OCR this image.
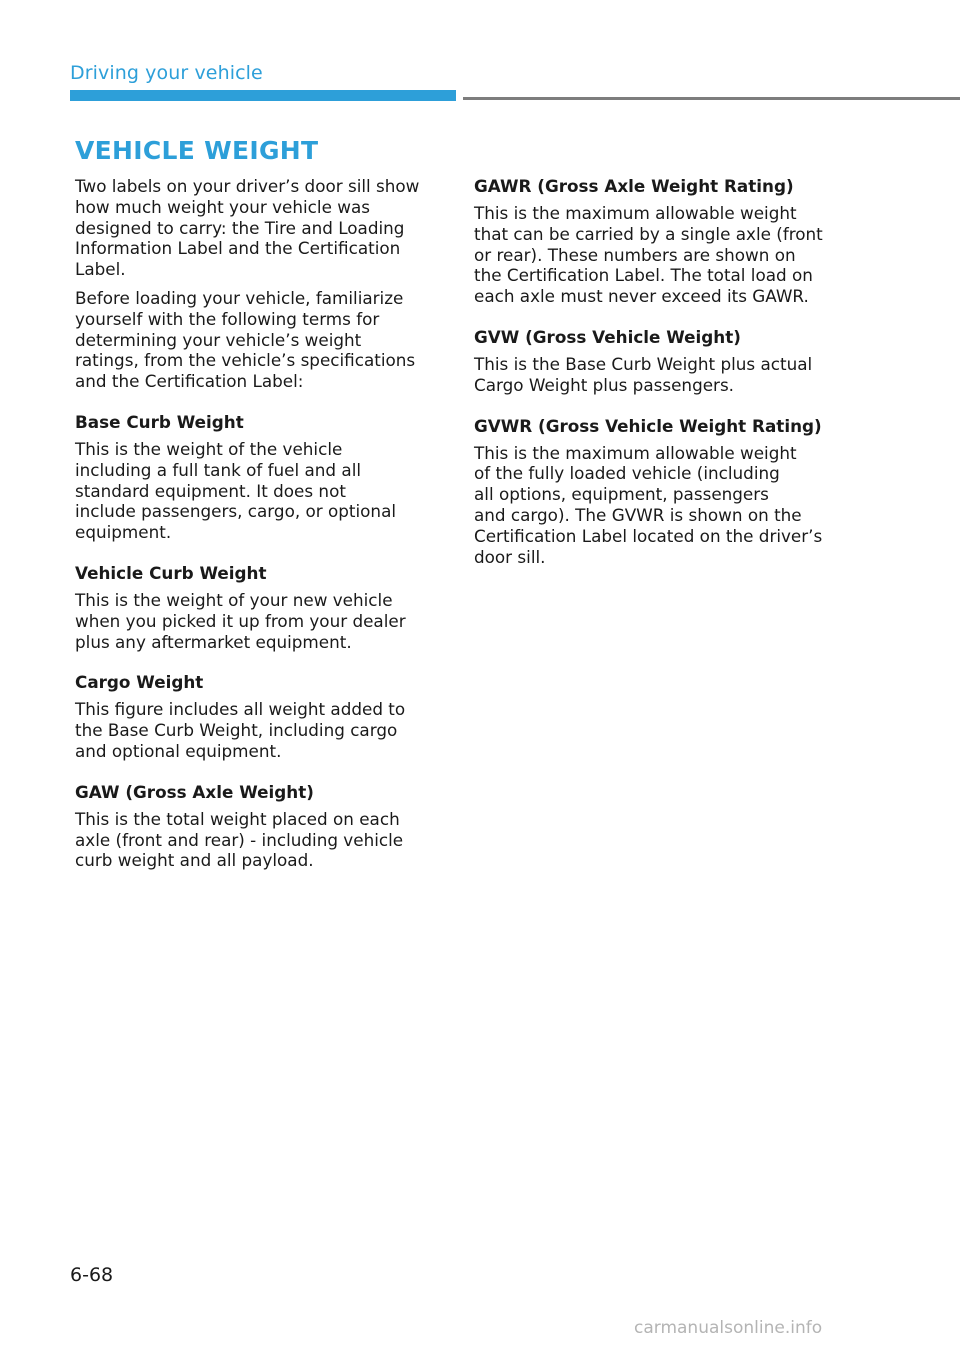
Driving your vehicle
VEHICLE WEIGHT

Two labels on your driver’s door sill show
how much weight your vehicle was
designed to carry: the Tire and Loading
Information Label and the Certification
Label.

Before loading your vehicle, familiarize
yourself with the following terms for
determining your vehicle’s weight
ratings, from the vehicle’s specifications
and the Certification Label:

Base Curb Weight

This is the weight of the vehicle
including a full tank of fuel and all
standard equipment. It does not
include passengers, cargo, or optional
equipment.

Vehicle Curb Weight

This is the weight of your new vehicle
when you picked it up from your dealer
plus any aftermarket equipment.

Cargo Weight

This figure includes all weight added to
the Base Curb Weight, including cargo
and optional equipment.

GAW (Gross Axle Weight)

This is the total weight placed on each
axle (front and rear) - including vehicle
curb weight and all payload.

GAWR (Gross Axle Weight Rating)

This is the maximum allowable weight
that can be carried by a single axle (front
or rear). These numbers are shown on
the Certification Label. The total load on
each axle must never exceed its GAWR.

GVW (Gross Vehicle Weight)

This is the Base Curb Weight plus actual
Cargo Weight plus passengers.

GVWR (Gross Vehicle Weight Rating)

This is the maximum allowable weight
of the fully loaded vehicle (including
all options, equipment, passengers
and cargo). The GVWR is shown on the
Certification Label located on the driver’s
door sill.

6-68
carmanualsonline.info
